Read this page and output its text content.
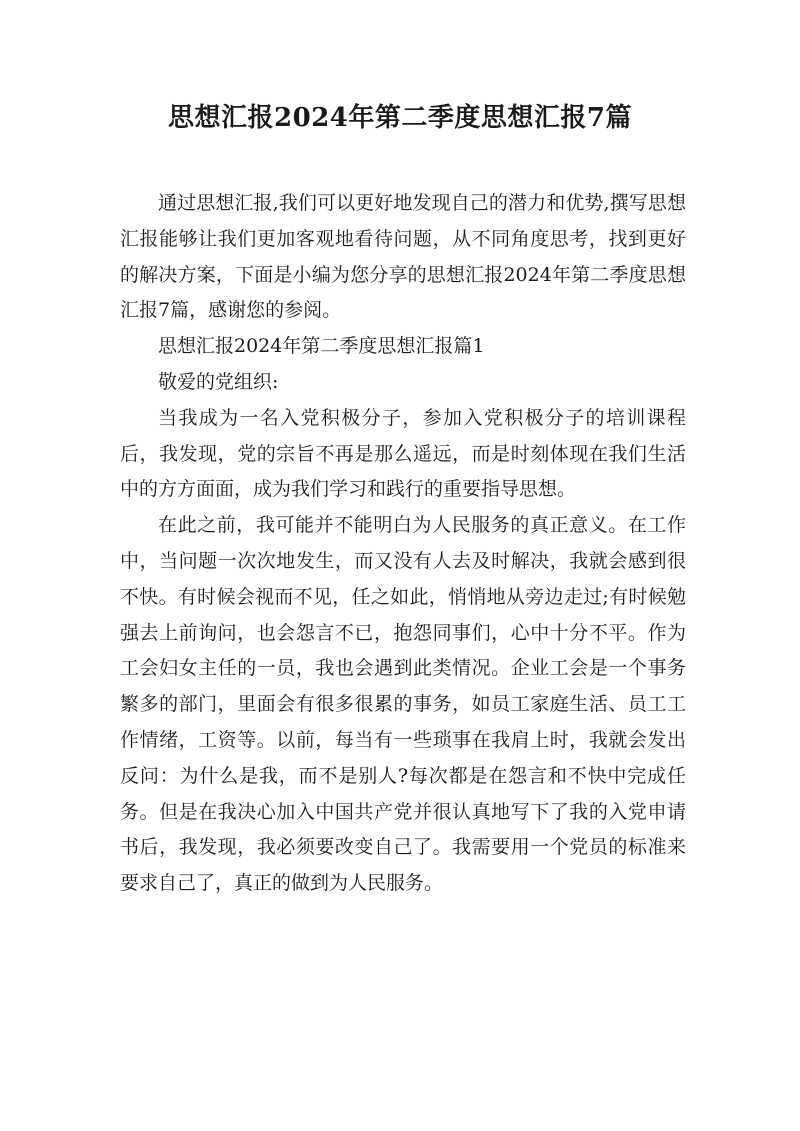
思想汇报2024年第二季度思想汇报7篇

通过思想汇报,我们可以更好地发现自己的潜力和优势,撰写思想汇报能够让我们更加客观地看待问题，从不同角度思考，找到更好的解决方案，下面是小编为您分享的思想汇报2024年第二季度思想汇报7篇，感谢您的参阅。

思想汇报2024年第二季度思想汇报篇1

敬爱的党组织:

当我成为一名入党积极分子，参加入党积极分子的培训课程后，我发现，党的宗旨不再是那么遥远，而是时刻体现在我们生活中的方方面面，成为我们学习和践行的重要指导思想。

在此之前，我可能并不能明白为人民服务的真正意义。在工作中，当问题一次次地发生，而又没有人去及时解决，我就会感到很不快。有时候会视而不见，任之如此，悄悄地从旁边走过;有时候勉强去上前询问，也会怨言不已，抱怨同事们，心中十分不平。作为工会妇女主任的一员，我也会遇到此类情况。企业工会是一个事务繁多的部门，里面会有很多很累的事务，如员工家庭生活、员工工作情绪，工资等。以前，每当有一些琐事在我肩上时，我就会发出反问：为什么是我，而不是别人?每次都是在怨言和不快中完成任务。但是在我决心加入中国共产党并很认真地写下了我的入党申请书后，我发现，我必须要改变自己了。我需要用一个党员的标准来要求自己了，真正的做到为人民服务。
